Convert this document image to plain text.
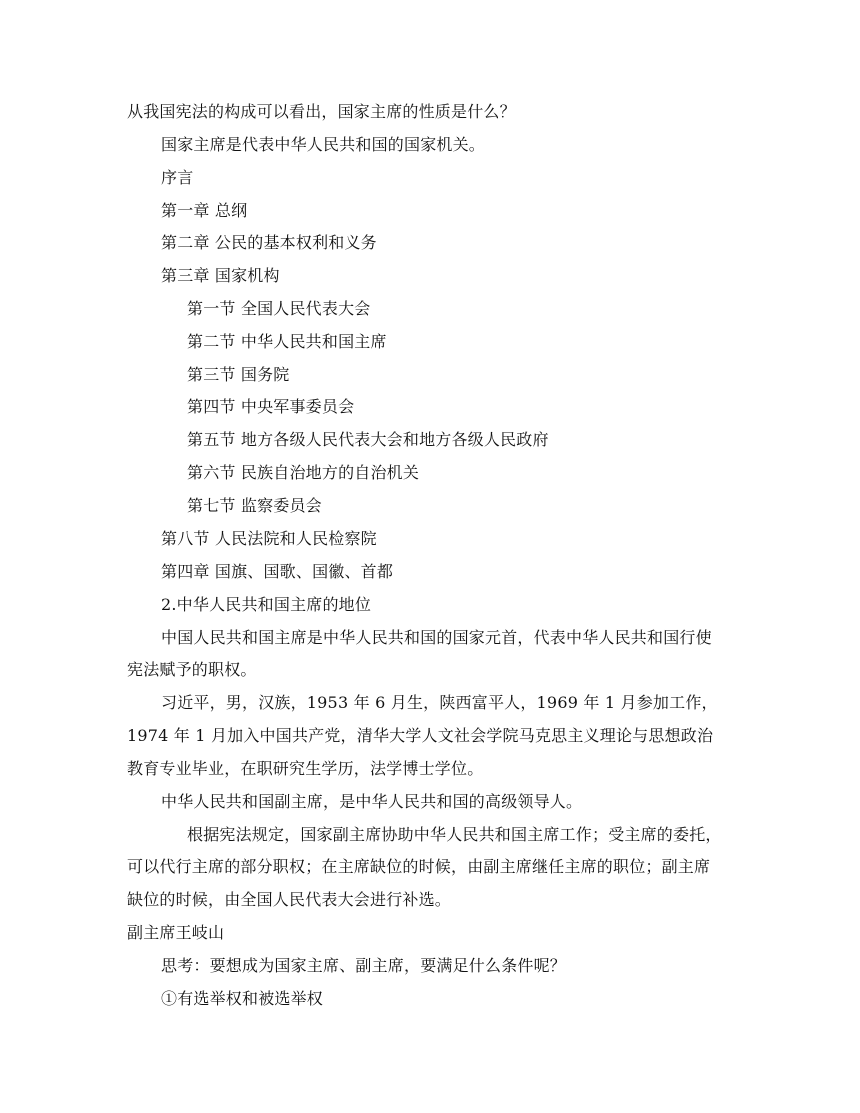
从我国宪法的构成可以看出，国家主席的性质是什么？
国家主席是代表中华人民共和国的国家机关。
序言
第一章 总纲
第二章 公民的基本权利和义务
第三章 国家机构
第一节 全国人民代表大会
第二节 中华人民共和国主席
第三节 国务院
第四节 中央军事委员会
第五节 地方各级人民代表大会和地方各级人民政府
第六节 民族自治地方的自治机关
第七节 监察委员会
第八节 人民法院和人民检察院
第四章 国旗、国歌、国徽、首都
2.中华人民共和国主席的地位
中国人民共和国主席是中华人民共和国的国家元首，代表中华人民共和国行使
宪法赋予的职权。
习近平，男，汉族，1953 年 6 月生，陕西富平人，1969 年 1 月参加工作，
1974 年 1 月加入中国共产党，清华大学人文社会学院马克思主义理论与思想政治
教育专业毕业，在职研究生学历，法学博士学位。
中华人民共和国副主席，是中华人民共和国的高级领导人。
根据宪法规定，国家副主席协助中华人民共和国主席工作；受主席的委托，
可以代行主席的部分职权；在主席缺位的时候，由副主席继任主席的职位；副主席
缺位的时候，由全国人民代表大会进行补选。
副主席王岐山
思考：要想成为国家主席、副主席，要满足什么条件呢？
①有选举权和被选举权
